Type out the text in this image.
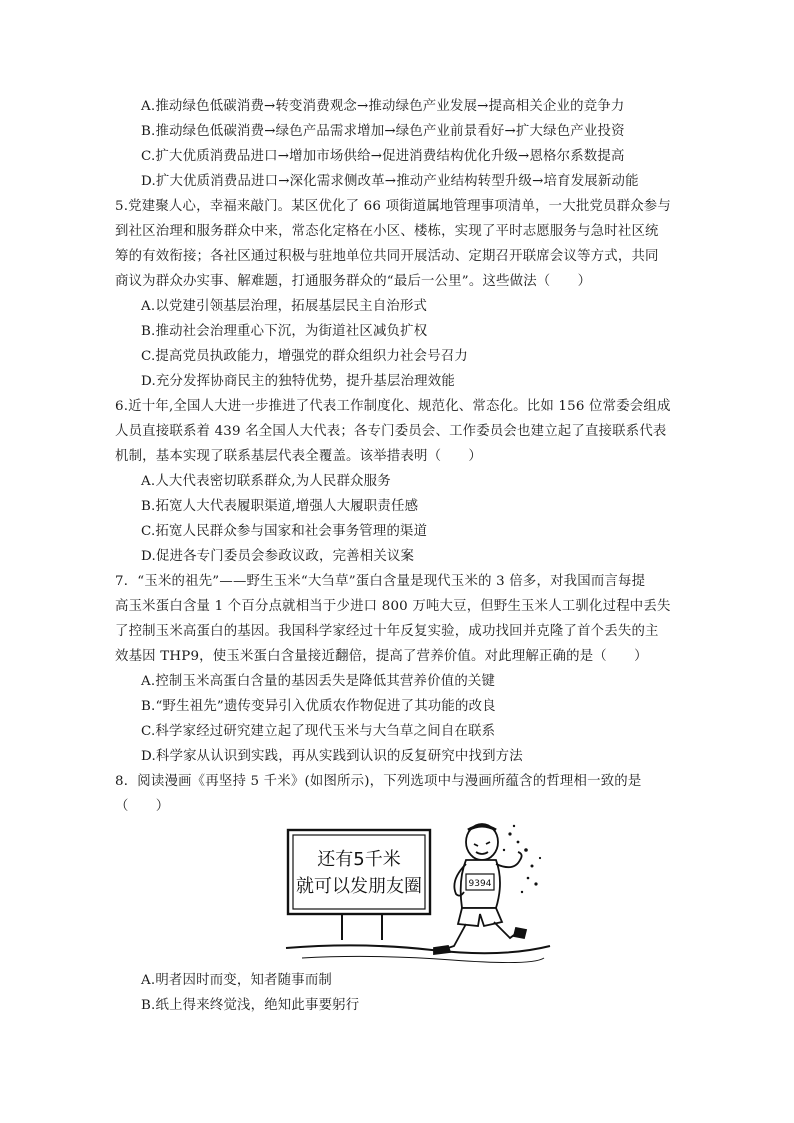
A.推动绿色低碳消费→转变消费观念→推动绿色产业发展→提高相关企业的竞争力
B.推动绿色低碳消费→绿色产品需求增加→绿色产业前景看好→扩大绿色产业投资
C.扩大优质消费品进口→增加市场供给→促进消费结构优化升级→恩格尔系数提高
D.扩大优质消费品进口→深化需求侧改革→推动产业结构转型升级→培育发展新动能
5.党建聚人心，幸福来敲门。某区优化了 66 项街道属地管理事项清单，一大批党员群众参与
到社区治理和服务群众中来，常态化定格在小区、楼栋，实现了平时志愿服务与急时社区统
筹的有效衔接；各社区通过积极与驻地单位共同开展活动、定期召开联席会议等方式，共同
商议为群众办实事、解难题，打通服务群众的“最后一公里”。这些做法（　　）
A.以党建引领基层治理，拓展基层民主自治形式
B.推动社会治理重心下沉，为街道社区减负扩权
C.提高党员执政能力，增强党的群众组织力社会号召力
D.充分发挥协商民主的独特优势，提升基层治理效能
6.近十年,全国人大进一步推进了代表工作制度化、规范化、常态化。比如 156 位常委会组成
人员直接联系着 439 名全国人大代表；各专门委员会、工作委员会也建立起了直接联系代表
机制，基本实现了联系基层代表全覆盖。该举措表明（　　）
A.人大代表密切联系群众,为人民群众服务
B.拓宽人大代表履职渠道,增强人大履职责任感
C.拓宽人民群众参与国家和社会事务管理的渠道
D.促进各专门委员会参政议政，完善相关议案
7．“玉米的祖先”——野生玉米“大刍草”蛋白含量是现代玉米的 3 倍多，对我国而言每提
高玉米蛋白含量 1 个百分点就相当于少进口 800 万吨大豆，但野生玉米人工驯化过程中丢失
了控制玉米高蛋白的基因。我国科学家经过十年反复实验，成功找回并克隆了首个丢失的主
效基因 THP9，使玉米蛋白含量接近翻倍，提高了营养价值。对此理解正确的是（　　）
A.控制玉米高蛋白含量的基因丢失是降低其营养价值的关键
B.“野生祖先”遗传变异引入优质农作物促进了其功能的改良
C.科学家经过研究建立起了现代玉米与大刍草之间自在联系
D.科学家从认识到实践，再从实践到认识的反复研究中找到方法
8．阅读漫画《再坚持 5 千米》(如图所示)，下列选项中与漫画所蕴含的哲理相一致的是
（　　）
还有5千米
就可以发朋友圈	9394
A.明者因时而变，知者随事而制
B.纸上得来终觉浅，绝知此事要躬行
